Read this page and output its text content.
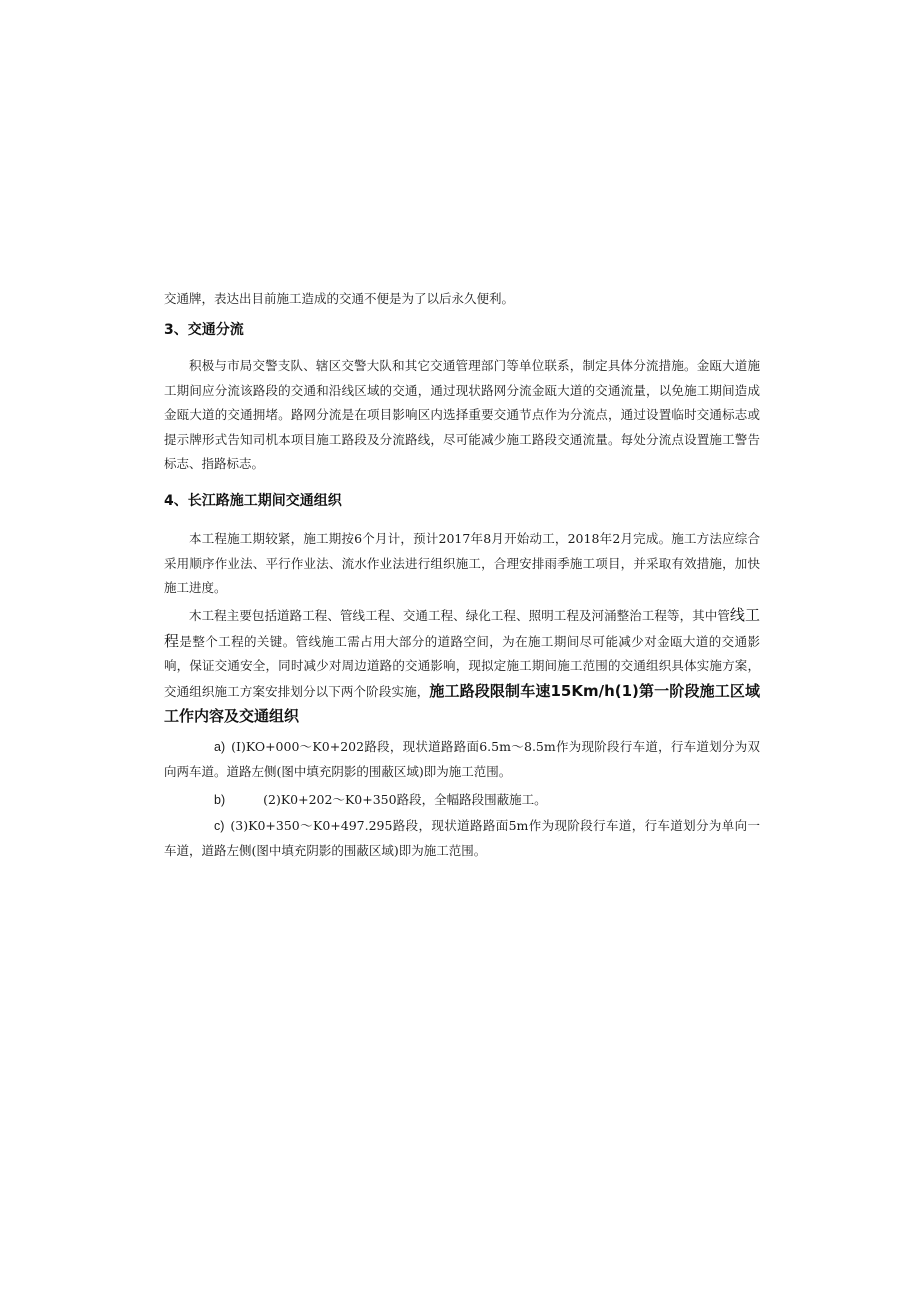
交通牌，表达出目前施工造成的交通不便是为了以后永久便利。

3、交通分流

积极与市局交警支队、辖区交警大队和其它交通管理部门等单位联系，制定具体分流措施。金瓯大道施工期间应分流该路段的交通和沿线区域的交通，通过现状路网分流金瓯大道的交通流量，以免施工期间造成金瓯大道的交通拥堵。路网分流是在项目影响区内选择重要交通节点作为分流点，通过设置临时交通标志或提示牌形式告知司机本项目施工路段及分流路线，尽可能减少施工路段交通流量。每处分流点设置施工警告标志、指路标志。

4、长江路施工期间交通组织

本工程施工期较紧，施工期按6个月计，预计2017年8月开始动工，2018年2月完成。施工方法应综合采用顺序作业法、平行作业法、流水作业法进行组织施工，合理安排雨季施工项目，并采取有效措施，加快施工进度。

木工程主要包括道路工程、管线工程、交通工程、绿化工程、照明工程及河涌整治工程等，其中管线工程是整个工程的关键。管线施工需占用大部分的道路空间，为在施工期间尽可能减少对金瓯大道的交通影响，保证交通安全，同时减少对周边道路的交通影响，现拟定施工期间施工范围的交通组织具体实施方案，交通组织施工方案安排划分以下两个阶段实施，施工路段限制车速15Km/h(1)第一阶段施工区域工作内容及交通组织

a) (I)KO+000～K0+202路段，现状道路路面6.5m～8.5m作为现阶段行车道，行车道划分为双向两车道。道路左侧(图中填充阴影的围蔽区域)即为施工范围。

b)	(2)K0+202～K0+350路段，全幅路段围蔽施工。

c) (3)K0+350～K0+497.295路段，现状道路路面5m作为现阶段行车道，行车道划分为单向一车道，道路左侧(图中填充阴影的围蔽区域)即为施工范围。
